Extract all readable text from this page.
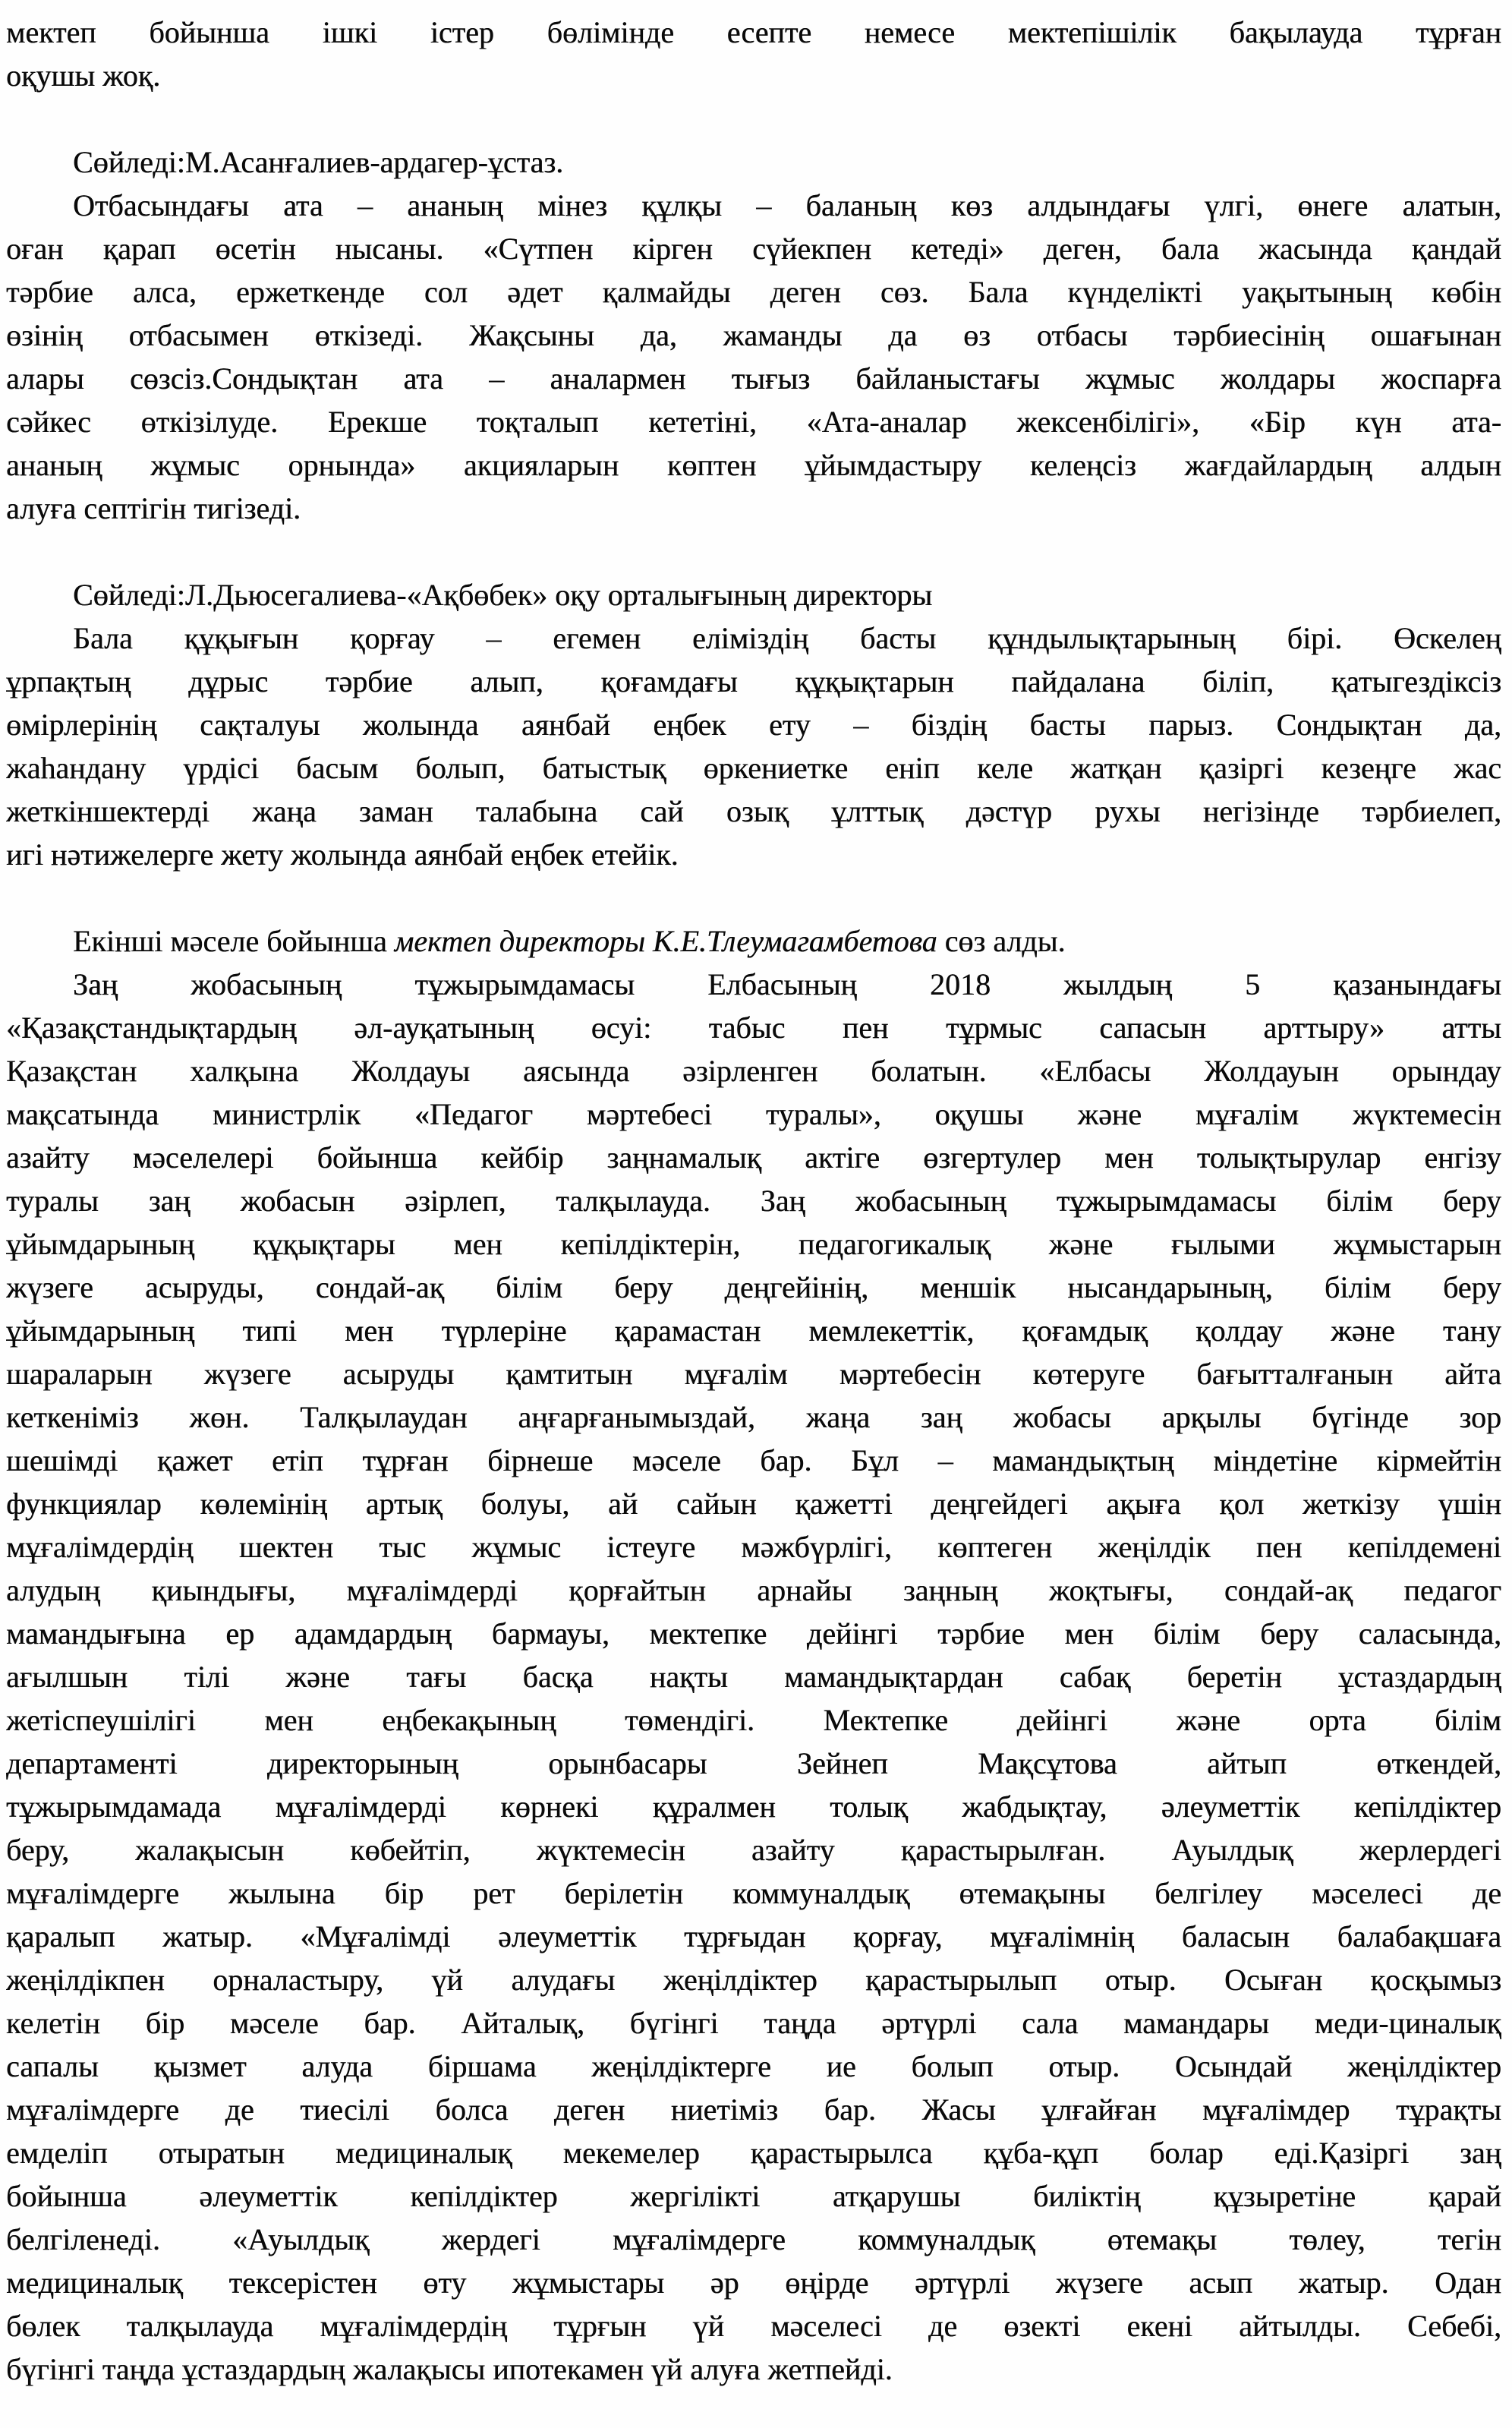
мектеп бойынша ішкі істер бөлімінде есепте немесе мектепішілік бақылауда тұрған
оқушы жоқ.
Сөйледі:М.Асанғалиев-ардагер-ұстаз.
Отбасындағы ата – ананың мінез құлқы – баланың көз алдындағы үлгі, өнеге алатын,
оған қарап өсетін нысаны. «Сүтпен кірген сүйекпен кетеді» деген, бала жасында қандай
тәрбие алса, ержеткенде сол әдет қалмайды деген сөз. Бала күнделікті уақытының көбін
өзінің отбасымен өткізеді. Жақсыны да, жаманды да өз отбасы тәрбиесінің ошағынан
алары сөзсіз.Сондықтан ата – аналармен тығыз байланыстағы жұмыс жолдары жоспарға
сәйкес өткізілуде. Ерекше тоқталып кететіні, «Ата-аналар жексенбілігі», «Бір күн ата-
ананың жұмыс орнында» акцияларын көптен ұйымдастыру келеңсіз жағдайлардың алдын
алуға септігін тигізеді.
Сөйледі:Л.Дьюсегалиева-«Ақбөбек» оқу орталығының директоры
Бала құқығын қорғау – егемен еліміздің басты құндылықтарының бірі. Өскелең
ұрпақтың дұрыс тәрбие алып, қоғамдағы құқықтарын пайдалана біліп, қатыгездіксіз
өмірлерінің сақталуы жолында аянбай еңбек ету – біздің басты парыз. Сондықтан да,
жаһандану үрдісі басым болып, батыстық өркениетке еніп келе жатқан қазіргі кезеңге жас
жеткіншектерді жаңа заман талабына сай озық ұлттық дәстүр рухы негізінде тәрбиелеп,
игі нәтижелерге жету жолында аянбай еңбек етейік.
Екінші мәселе бойынша мектеп директоры К.Е.Тлеумагамбетова сөз алды.
Заң жобасының тұжырымдамасы Елбасының 2018 жылдың 5 қазанындағы
«Қазақстандықтардың әл-ауқатының өсуі: табыс пен тұрмыс сапасын арттыру» атты
Қазақстан халқына Жолдауы аясында әзірленген болатын. «Елбасы Жолдауын орындау
мақсатында министрлік «Педагог мәртебесі туралы», оқушы және мұғалім жүктемесін
азайту мәселелері бойынша кейбір заңнамалық актіге өзгертулер мен толықтырулар енгізу
туралы заң жобасын әзірлеп, талқылауда. Заң жобасының тұжырымдамасы білім беру
ұйымдарының құқықтары мен кепілдіктерін, педагогикалық және ғылыми жұмыстарын
жүзеге асыруды, сондай-ақ білім беру деңгейінің, меншік нысандарының, білім беру
ұйымдарының типі мен түрлеріне қарамастан мемлекеттік, қоғамдық қолдау және тану
шараларын жүзеге асыруды қамтитын мұғалім мәртебесін көтеруге бағытталғанын айта
кеткеніміз жөн. Талқылаудан аңғарғанымыздай, жаңа заң жобасы арқылы бүгінде зор
шешімді қажет етіп тұрған бірнеше мәселе бар. Бұл – мамандықтың міндетіне кірмейтін
функциялар көлемінің артық болуы, ай сайын қажетті деңгейдегі ақыға қол жеткізу үшін
мұғалімдердің шектен тыс жұмыс істеуге мәжбүрлігі, көптеген жеңілдік пен кепілдемені
алудың қиындығы, мұғалімдерді қорғайтын арнайы заңның жоқтығы, сондай-ақ педагог
мамандығына ер адамдардың бармауы, мектепке дейінгі тәрбие мен білім беру саласында,
ағылшын тілі және тағы басқа нақты мамандықтардан сабақ беретін ұстаздардың
жетіспеушілігі мен еңбекақының төмендігі. Мектепке дейінгі және орта білім
департаменті директорының орынбасары Зейнеп Мақсұтова айтып өткендей,
тұжырымдамада мұғалімдерді көрнекі құралмен толық жабдықтау, әлеуметтік кепілдіктер
беру, жалақысын көбейтіп, жүктемесін азайту қарастырылған. Ауылдық жерлердегі
мұғалімдерге жылына бір рет берілетін коммуналдық өтемақыны белгілеу мәселесі де
қаралып жатыр. «Мұғалімді әлеуметтік тұрғыдан қорғау, мұғалімнің баласын балабақшаға
жеңілдікпен орналастыру, үй алудағы жеңілдіктер қарастырылып отыр. Осыған қосқымыз
келетін бір мәселе бар. Айталық, бүгінгі таңда әртүрлі сала мамандары меди-циналық
сапалы қызмет алуда біршама жеңілдіктерге ие болып отыр. Осындай жеңілдіктер
мұғалімдерге де тиесілі болса деген ниетіміз бар. Жасы ұлғайған мұғалімдер тұрақты
емделіп отыратын медициналық мекемелер қарастырылса құба-құп болар еді.Қазіргі заң
бойынша әлеуметтік кепілдіктер жергілікті атқарушы биліктің құзыретіне қарай
белгіленеді. «Ауылдық жердегі мұғалімдерге коммуналдық өтемақы төлеу, тегін
медициналық тексерістен өту жұмыстары әр өңірде әртүрлі жүзеге асып жатыр. Одан
бөлек талқылауда мұғалімдердің тұрғын үй мәселесі де өзекті екені айтылды. Себебі,
бүгінгі таңда ұстаздардың жалақысы ипотекамен үй алуға жетпейді.
